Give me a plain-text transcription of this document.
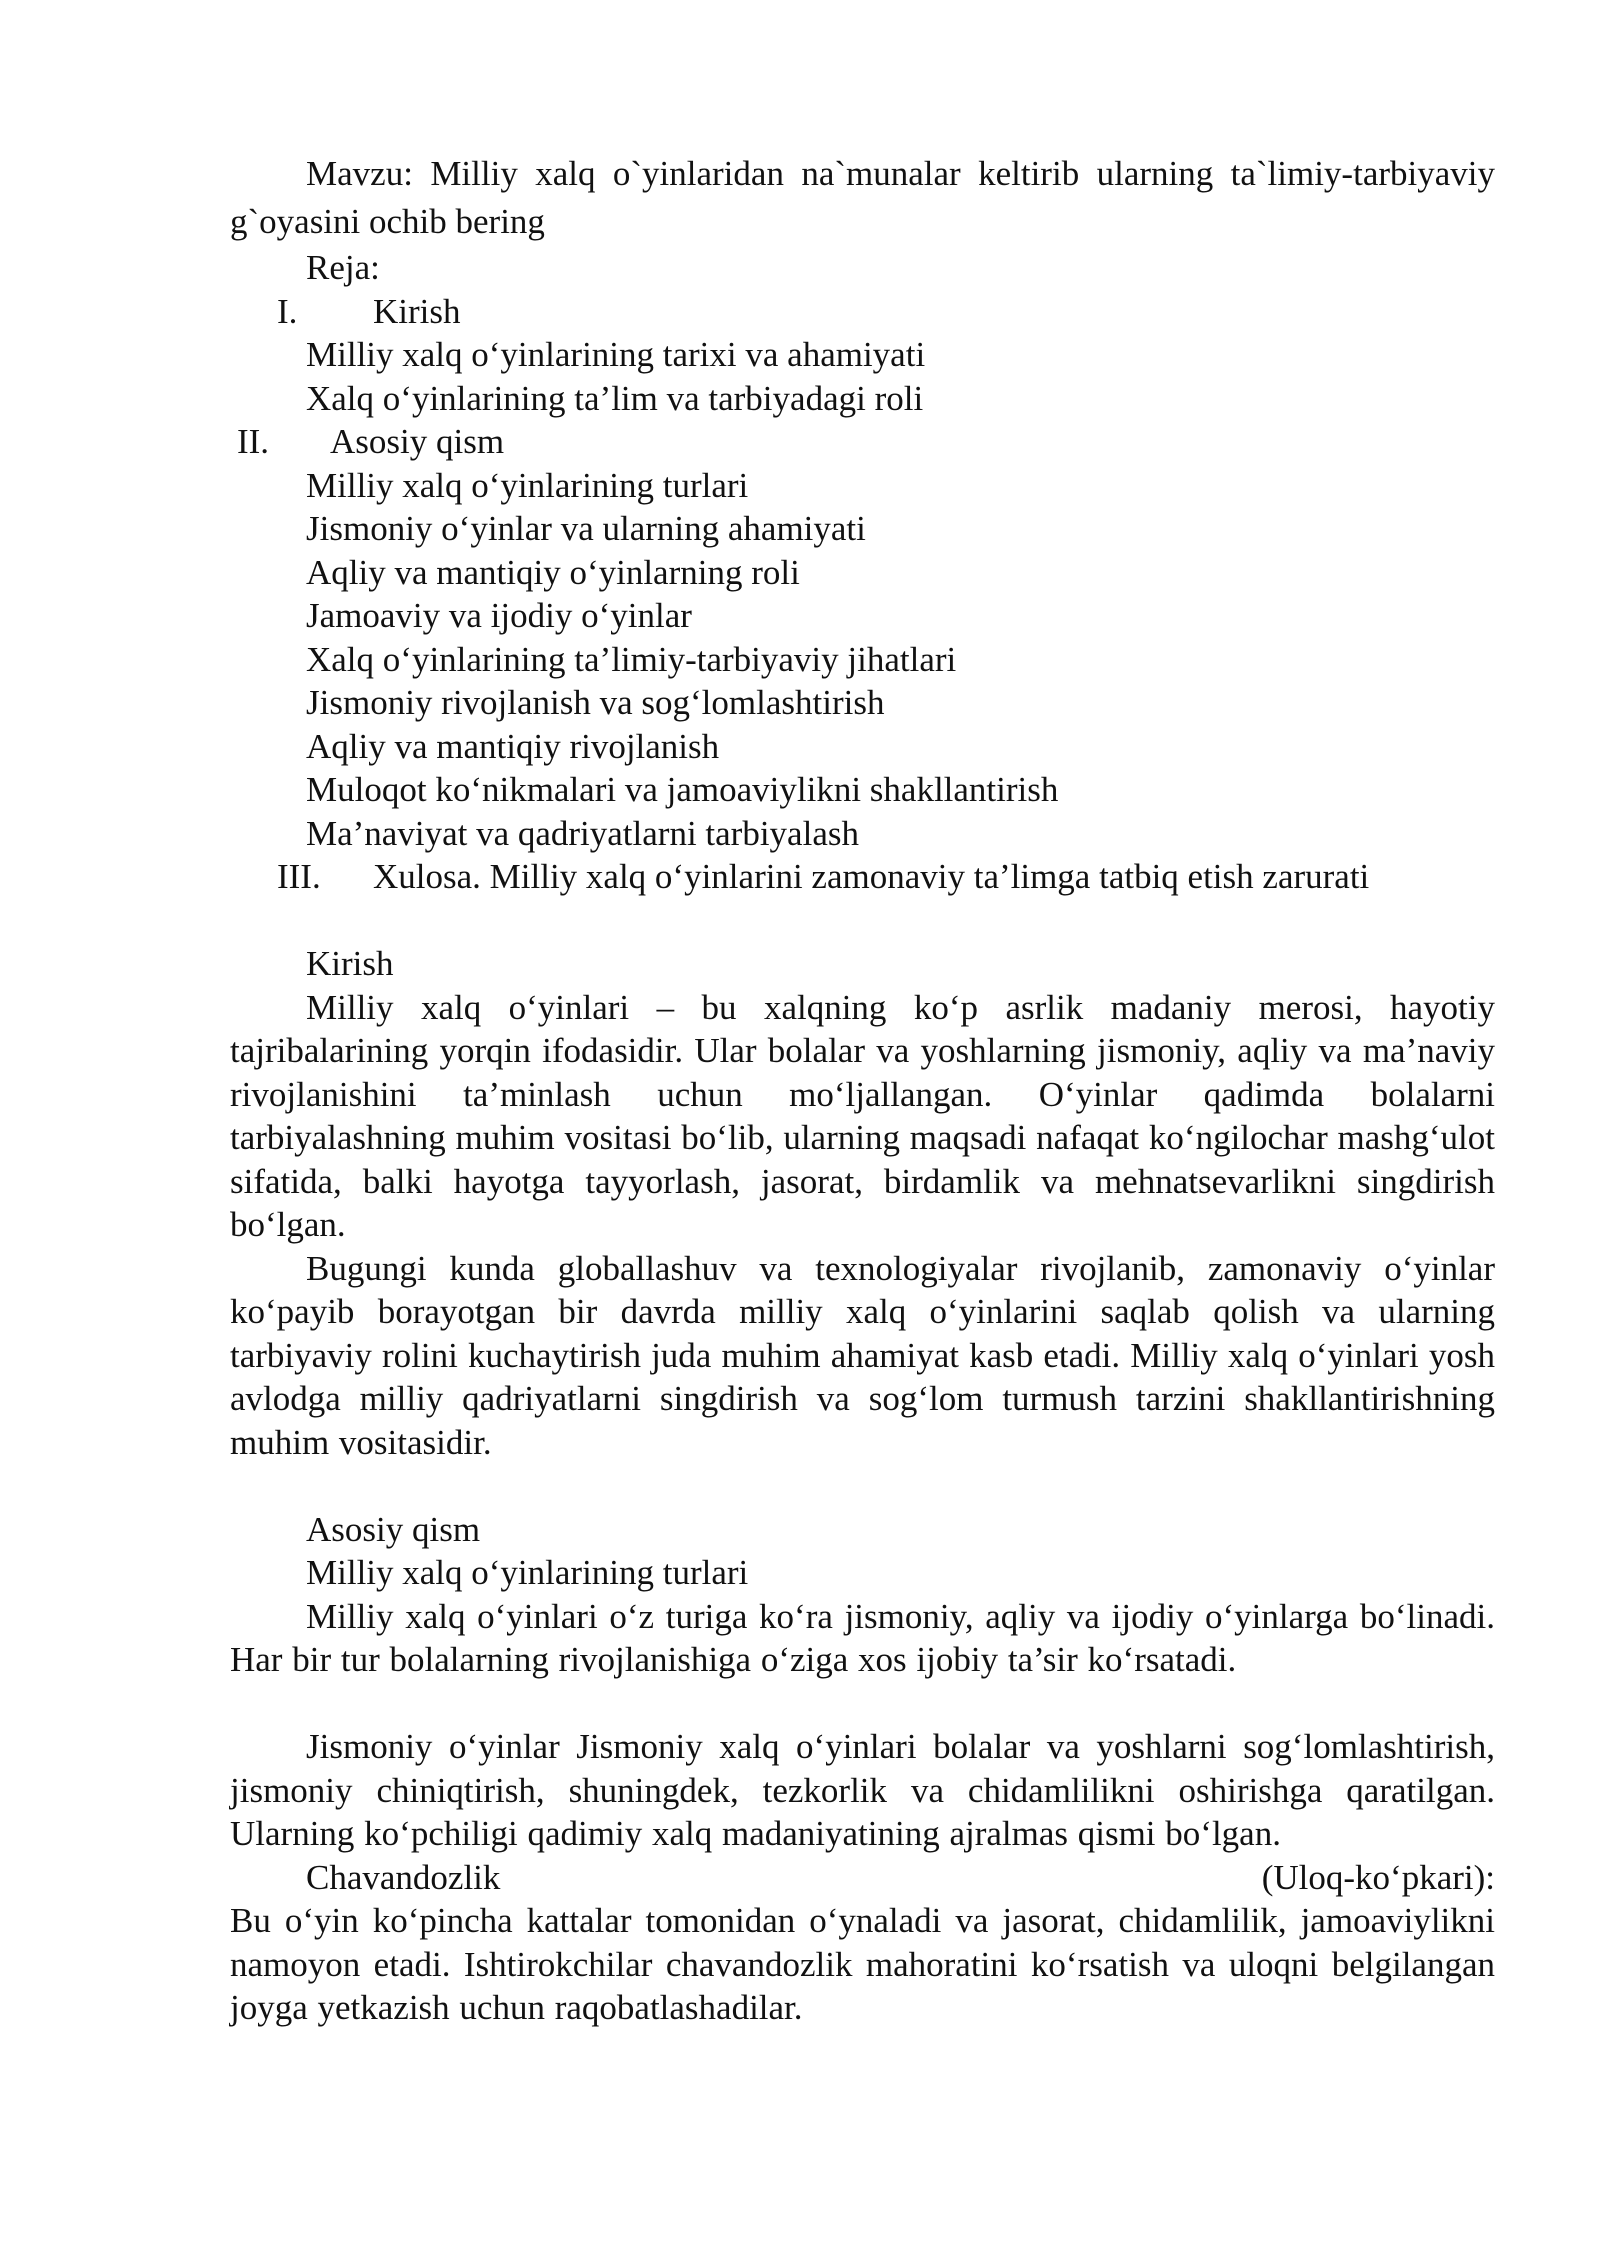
Mavzu: Milliy xalq o`yinlaridan na`munalar keltirib ularning ta`limiy-tarbiyaviy g`oyasini ochib bering
Reja:
I. Kirish
Milliy xalq o‘yinlarining tarixi va ahamiyati
Xalq o‘yinlarining ta’lim va tarbiyadagi roli
II. Asosiy qism
Milliy xalq o‘yinlarining turlari
Jismoniy o‘yinlar va ularning ahamiyati
Aqliy va mantiqiy o‘yinlarning roli
Jamoaviy va ijodiy o‘yinlar
Xalq o‘yinlarining ta’limiy-tarbiyaviy jihatlari
Jismoniy rivojlanish va sog‘lomlashtirish
Aqliy va mantiqiy rivojlanish
Muloqot ko‘nikmalari va jamoaviylikni shakllantirish
Ma’naviyat va qadriyatlarni tarbiyalash
III. Xulosa. Milliy xalq o‘yinlarini zamonaviy ta’limga tatbiq etish zarurati
Kirish
Milliy xalq o‘yinlari – bu xalqning ko‘p asrlik madaniy merosi, hayotiy tajribalarining yorqin ifodasidir. Ular bolalar va yoshlarning jismoniy, aqliy va ma’naviy rivojlanishini ta’minlash uchun mo‘ljallangan. O‘yinlar qadimda bolalarni tarbiyalashning muhim vositasi bo‘lib, ularning maqsadi nafaqat ko‘ngilochar mashg‘ulot sifatida, balki hayotga tayyorlash, jasorat, birdamlik va mehnatsevarlikni singdirish bo‘lgan.
Bugungi kunda globallashuv va texnologiyalar rivojlanib, zamonaviy o‘yinlar ko‘payib borayotgan bir davrda milliy xalq o‘yinlarini saqlab qolish va ularning tarbiyaviy rolini kuchaytirish juda muhim ahamiyat kasb etadi. Milliy xalq o‘yinlari yosh avlodga milliy qadriyatlarni singdirish va sog‘lom turmush tarzini shakllantirishning muhim vositasidir.
Asosiy qism
Milliy xalq o‘yinlarining turlari
Milliy xalq o‘yinlari o‘z turiga ko‘ra jismoniy, aqliy va ijodiy o‘yinlarga bo‘linadi. Har bir tur bolalarning rivojlanishiga o‘ziga xos ijobiy ta’sir ko‘rsatadi.
Jismoniy o‘yinlar Jismoniy xalq o‘yinlari bolalar va yoshlarni sog‘lomlashtirish, jismoniy chiniqtirish, shuningdek, tezkorlik va chidamlilikni oshirishga qaratilgan. Ularning ko‘pchiligi qadimiy xalq madaniyatining ajralmas qismi bo‘lgan.
Chavandozlik	(Uloq-ko‘pkari):
Bu o‘yin ko‘pincha kattalar tomonidan o‘ynaladi va jasorat, chidamlilik, jamoaviylikni namoyon etadi. Ishtirokchilar chavandozlik mahoratini ko‘rsatish va uloqni belgilangan joyga yetkazish uchun raqobatlashadilar.
